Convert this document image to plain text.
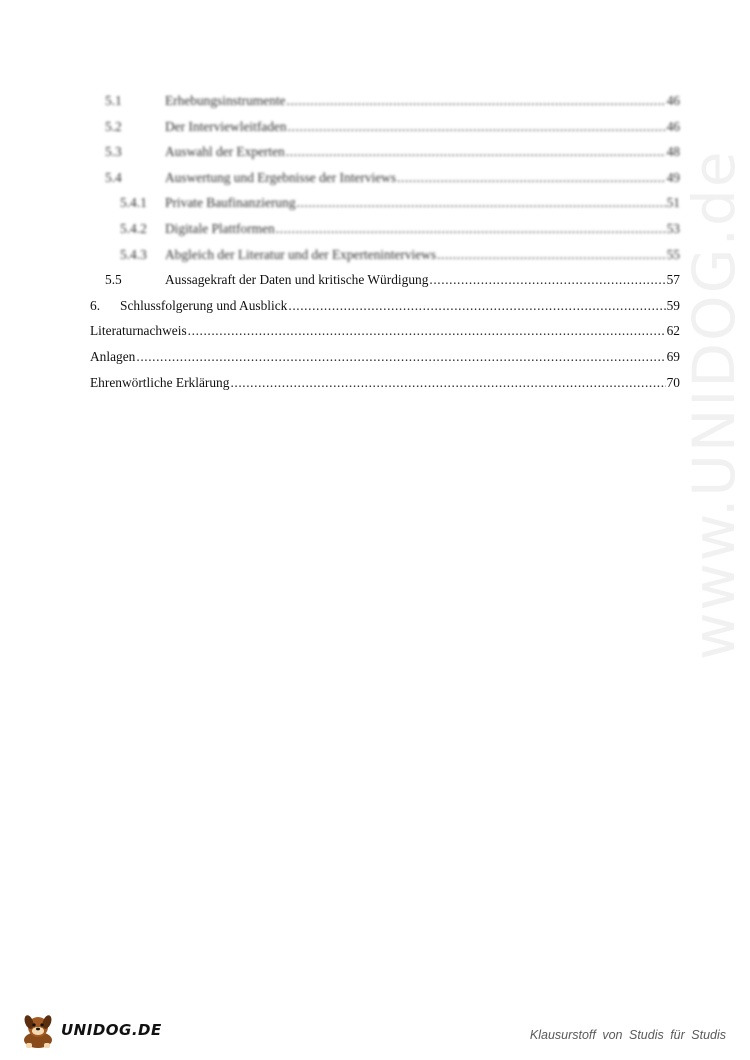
5.1	Erhebungsinstrumente .....	46
5.2	Der Interviewleitfaden .....	46
5.3	Auswahl der Experten .....	48
5.4	Auswertung und Ergebnisse der Interviews .....	49
5.4.1	Private Baufinanzierung .....	51
5.4.2	Digitale Plattformen .....	53
5.4.3	Abgleich der Literatur und der Experteninterviews .....	55
5.5	Aussagekraft der Daten und kritische Würdigung .....	57
6.	Schlussfolgerung und Ausblick .....	59
Literaturnachweis .....	62
Anlagen .....	69
Ehrenwörtliche Erklärung .....	70 www.UNIDOG.de
UNIDOG.DE	Klausurstoff von Studis für Studis
